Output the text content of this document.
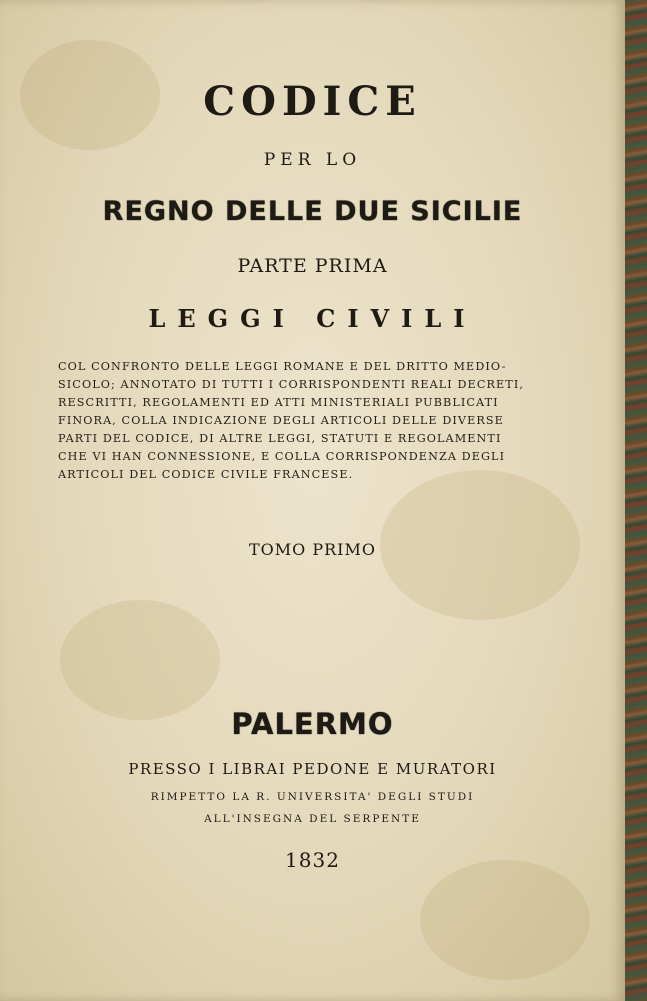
CODICE
PER LO
REGNO DELLE DUE SICILIE
PARTE PRIMA
LEGGI CIVILI
COL CONFRONTO DELLE LEGGI ROMANE E DEL DRITTO MEDIO-
SICOLO; ANNOTATO DI TUTTI I CORRISPONDENTI REALI DECRETI,
RESCRITTI, REGOLAMENTI ED ATTI MINISTERIALI PUBBLICATI
FINORA, COLLA INDICAZIONE DEGLI ARTICOLI DELLE DIVERSE
PARTI DEL CODICE, DI ALTRE LEGGI, STATUTI E REGOLAMENTI
CHE VI HAN CONNESSIONE, E COLLA CORRISPONDENZA DEGLI
ARTICOLI DEL CODICE CIVILE FRANCESE.
TOMO PRIMO
PALERMO
PRESSO I LIBRAI PEDONE E MURATORI
RIMPETTO LA R. UNIVERSITA' DEGLI STUDI
ALL'INSEGNA DEL SERPENTE
1832
